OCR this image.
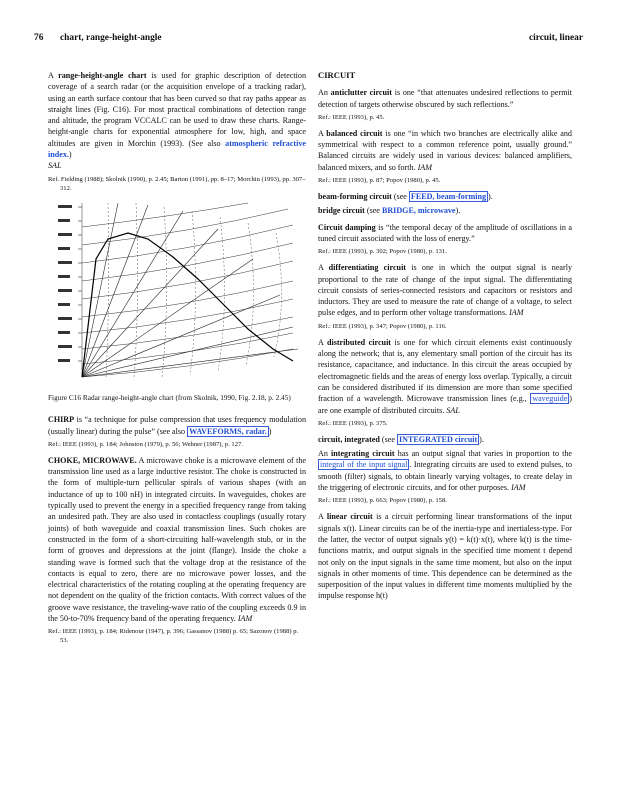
76 chart, range-height-angle	circuit, linear

A range-height-angle chart is used for graphic description of detection coverage of a search radar (or the acquisition envelope of a tracking radar), using an earth surface contour that has been curved so that ray paths appear as straight lines (Fig. C16). For most practical combinations of detection range and altitude, the program VCCALC can be used to draw these charts. Range-height-angle charts for exponential atmosphere for low, high, and space altitudes are given in Morchin (1993). (See also atmospheric refractive index.)
SAL

Ref. Fielding (1988); Skolnik (1990), p. 2.45; Barton (1991), pp. 8–17; Morchin (1993), pp. 307–312.
Figure C16 Radar range-height-angle chart (from Skolnik, 1990, Fig. 2.18, p. 2.45)

CHIRP is “a technique for pulse compression that uses frequency modulation (usually linear) during the pulse” (see also WAVEFORMS, radar. )

Ref.: IEEE (1993), p. 184; Johnston (1979), p. 56; Wehner (1987), p. 127.

CHOKE, MICROWAVE. A microwave choke is a microwave element of the transmission line used as a large inductive resistor. The choke is constructed in the form of multiple-turn pellicular spirals of various shapes (with an inductance of up to 100 nH) in integrated circuits. In waveguides, chokes are typically used to prevent the energy in a specified frequency range from taking an undesired path. They are also used in contactless couplings (usually rotary joints) of both waveguide and coaxial transmission lines. Such chokes are constructed in the form of a short-circuiting half-wavelength stub, or in the form of grooves and depressions at the joint (flange). Inside the choke a standing wave is formed such that the voltage drop at the resistance of the contacts is equal to zero, there are no microwave power losses, and the electrical characteristics of the rotating coupling at the operating frequency are not dependent on the quality of the friction contacts. With correct values of the groove wave resistance, the traveling-wave ratio of the coupling exceeds 0.9 in the 50-to-70% frequency band of the operating frequency. IAM

Ref.: IEEE (1993), p. 184; Ridenour (1947), p. 396; Gassanov (1988) p. 65; Sazonov (1988) p. 53.
CIRCUIT

An anticlutter circuit is one “that attenuates undesired reflections to permit detection of targets otherwise obscured by such reflections.”

Ref.: IEEE (1993), p. 45.

A balanced circuit is one “in which two branches are electrically alike and symmetrical with respect to a common reference point, usually ground.” Balanced circuits are widely used in various devices: balanced amplifiers, balanced mixers, and so forth. IAM

Ref.: IEEE (1993), p. 87; Popov (1980), p. 45.

beam-forming circuit (see FEED, beam-forming ).

bridge circuit (see BRIDGE, microwave).

Circuit damping is “the temporal decay of the amplitude of oscillations in a tuned circuit associated with the loss of energy.”

Ref.: IEEE (1993), p. 302; Popov (1980), p. 131.

A differentiating circuit is one in which the output signal is nearly proportional to the rate of change of the input signal. The differentiating circuit consists of series-connected resistors and capacitors or resistors and inductors. They are used to measure the rate of change of a voltage, to select pulse edges, and to perform other voltage transformations. IAM

Ref.: IEEE (1993), p. 347; Popov (1980), p. 116.

A distributed circuit is one for which circuit elements exist continuously along the network; that is, any elementary small portion of the circuit has its resistance, capacitance, and inductance. In this circuit the areas occupied by electromagnetic fields and the areas of energy loss overlap. Typically, a circuit can be considered distributed if its dimension are more than some specified fraction of a wavelength. Microwave transmission lines (e.g., waveguide ) are one example of distributed circuits. SAL

Ref.: IEEE (1993), p. 375.

circuit, integrated (see INTEGRATED circuit ).

An integrating circuit has an output signal that varies in proportion to the integral of the input signal . Integrating circuits are used to extend pulses, to smooth (filter) signals, to obtain linearly varying voltages, to create delay in the triggering of electronic circuits, and for other purposes. IAM

Ref.: IEEE (1993), p. 663; Popov (1980), p. 158.

A linear circuit is a circuit performing linear transformations of the input signals x(t). Linear circuits can be of the inertia-type and inertialess-type. For the latter, the vector of output signals y(t) = k(t)·x(t), where k(t) is the time-functions matrix, and output signals in the specified time moment t depend not only on the input signals in the same time moment, but also on the input signals in other moments of time. This dependence can be determined as the superposition of the input values in different time moments multiplied by the impulse response h(t)
